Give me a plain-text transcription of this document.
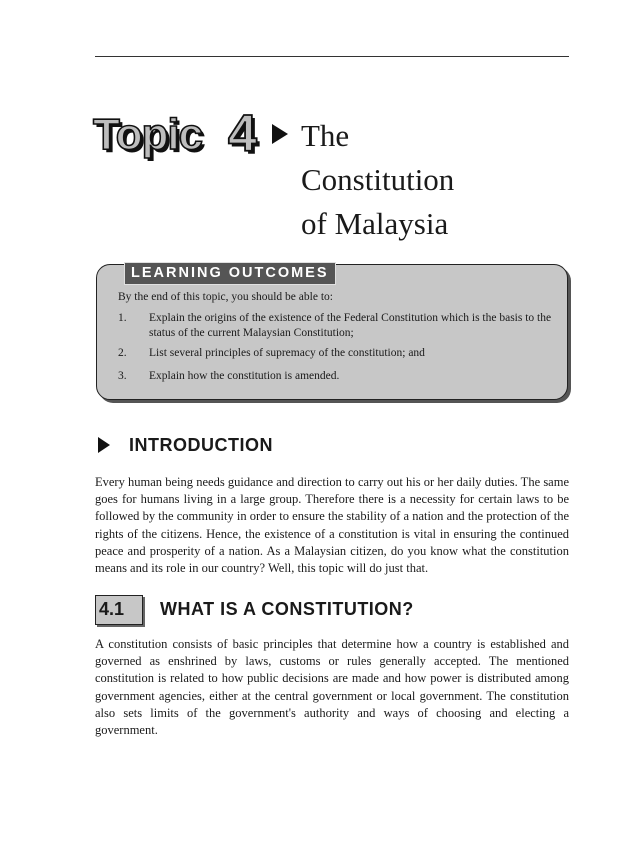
Topic 4 The
Constitution
of Malaysia
LEARNING OUTCOMES
By the end of this topic, you should be able to:
1. Explain the origins of the existence of the Federal Constitution which is the basis to the status of the current Malaysian Constitution;
2. List several principles of supremacy of the constitution; and
3. Explain how the constitution is amended.
INTRODUCTION
Every human being needs guidance and direction to carry out his or her daily duties. The same goes for humans living in a large group. Therefore there is a necessity for certain laws to be followed by the community in order to ensure the stability of a nation and the protection of the rights of the citizens. Hence, the existence of a constitution is vital in ensuring the continued peace and prosperity of a nation. As a Malaysian citizen, do you know what the constitution means and its role in our country? Well, this topic will do just that.
4.1 WHAT IS A CONSTITUTION?
A constitution consists of basic principles that determine how a country is established and governed as enshrined by laws, customs or rules generally accepted. The mentioned constitution is related to how public decisions are made and how power is distributed among government agencies, either at the central government or local government. The constitution also sets limits of the government's authority and ways of choosing and electing a government.
